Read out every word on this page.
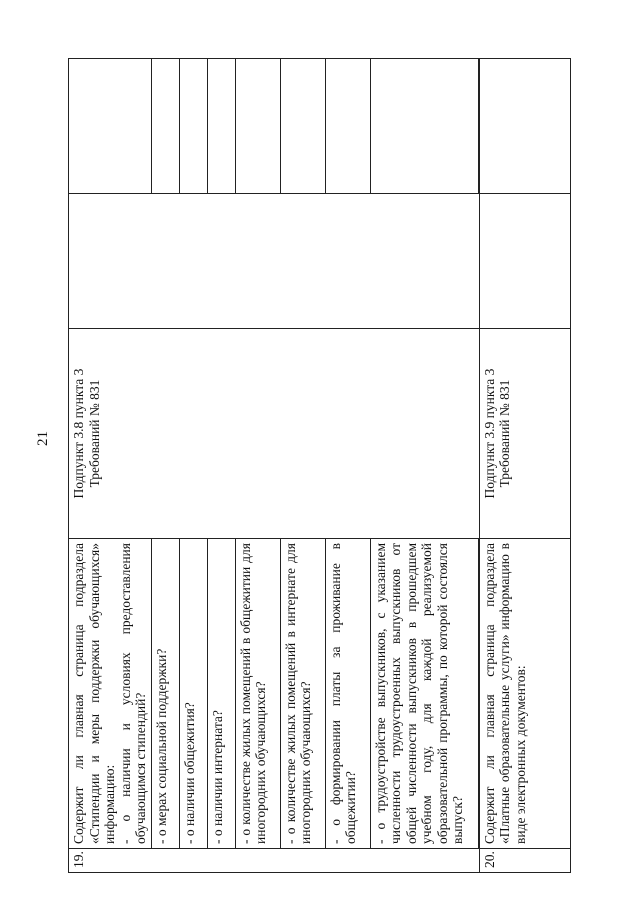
21
19.	Содержит ли главная страница подраздела «Стипендии и меры поддержки обучающихся» информацию: - о наличии и условиях предоставления обучающимся стипендий?	Подпункт 3.8 пункта 3 Требований № 831		
	- о мерах социальной поддержки?			
	- о наличии общежития?			
	- о наличии интерната?			
	- о количестве жилых помещений в общежитии для иногородних обучающихся?			
	- о количестве жилых помещений в интернате для иногородних обучающихся?			
	- о формировании платы за проживание в общежитии?			
	- о трудоустройстве выпускников, с указанием численности трудоустроенных выпускников от общей численности выпускников в прошедшем учебном году, для каждой реализуемой образовательной программы, по которой состоялся выпуск?			

20.	Содержит ли главная страница подраздела «Платные образовательные услуги» информацию в виде электронных документов:	Подпункт 3.9 пункта 3 Требований № 831		
